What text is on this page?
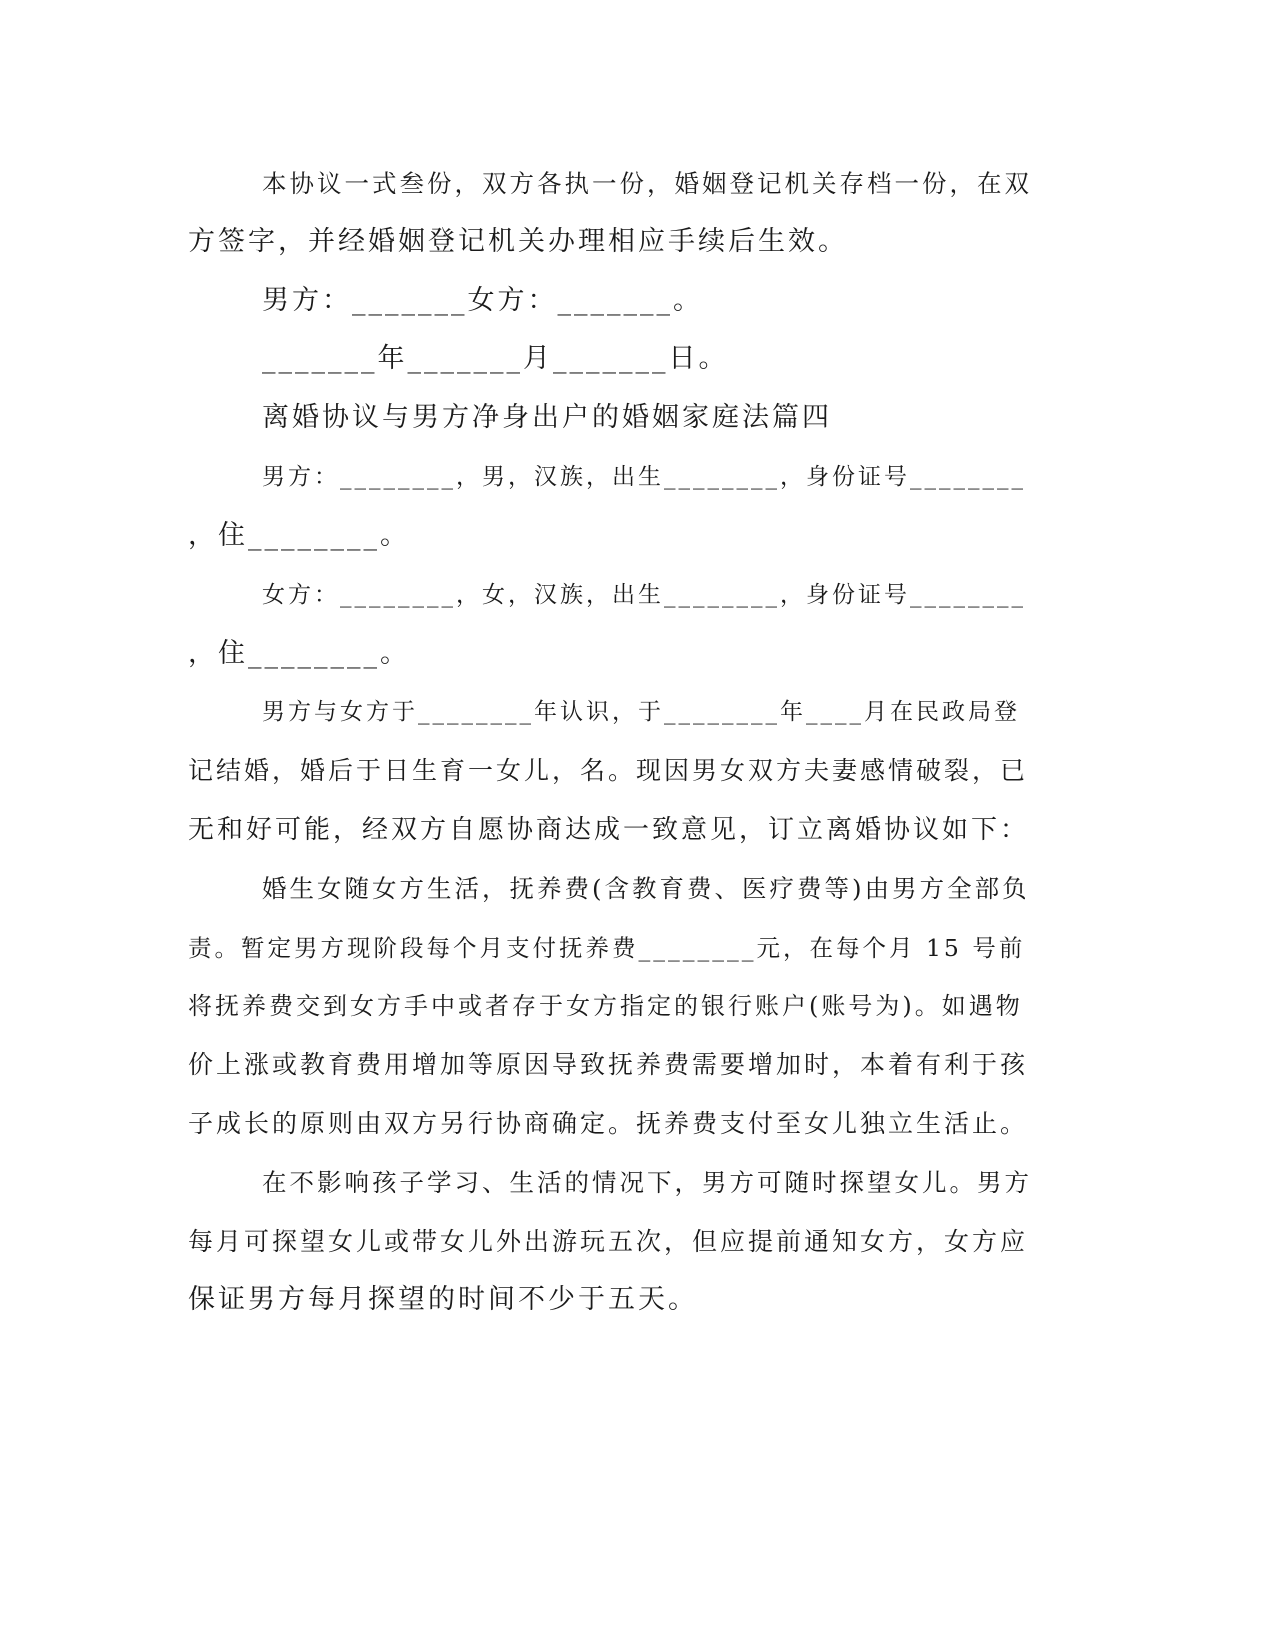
本协议一式叁份，双方各执一份，婚姻登记机关存档一份，在双
方签字，并经婚姻登记机关办理相应手续后生效。
男方：_______女方：_______。
_______年_______月_______日。
离婚协议与男方净身出户的婚姻家庭法篇四
男方：________，男，汉族，出生________，身份证号________
，住________。
女方：________，女，汉族，出生________，身份证号________
，住________。
男方与女方于________年认识，于________年____月在民政局登
记结婚，婚后于日生育一女儿，名。现因男女双方夫妻感情破裂，已
无和好可能，经双方自愿协商达成一致意见，订立离婚协议如下：
婚生女随女方生活，抚养费(含教育费、医疗费等)由男方全部负
责。暂定男方现阶段每个月支付抚养费________元，在每个月 15 号前
将抚养费交到女方手中或者存于女方指定的银行账户(账号为)。如遇物
价上涨或教育费用增加等原因导致抚养费需要增加时，本着有利于孩
子成长的原则由双方另行协商确定。抚养费支付至女儿独立生活止。
在不影响孩子学习、生活的情况下，男方可随时探望女儿。男方
每月可探望女儿或带女儿外出游玩五次，但应提前通知女方，女方应
保证男方每月探望的时间不少于五天。
